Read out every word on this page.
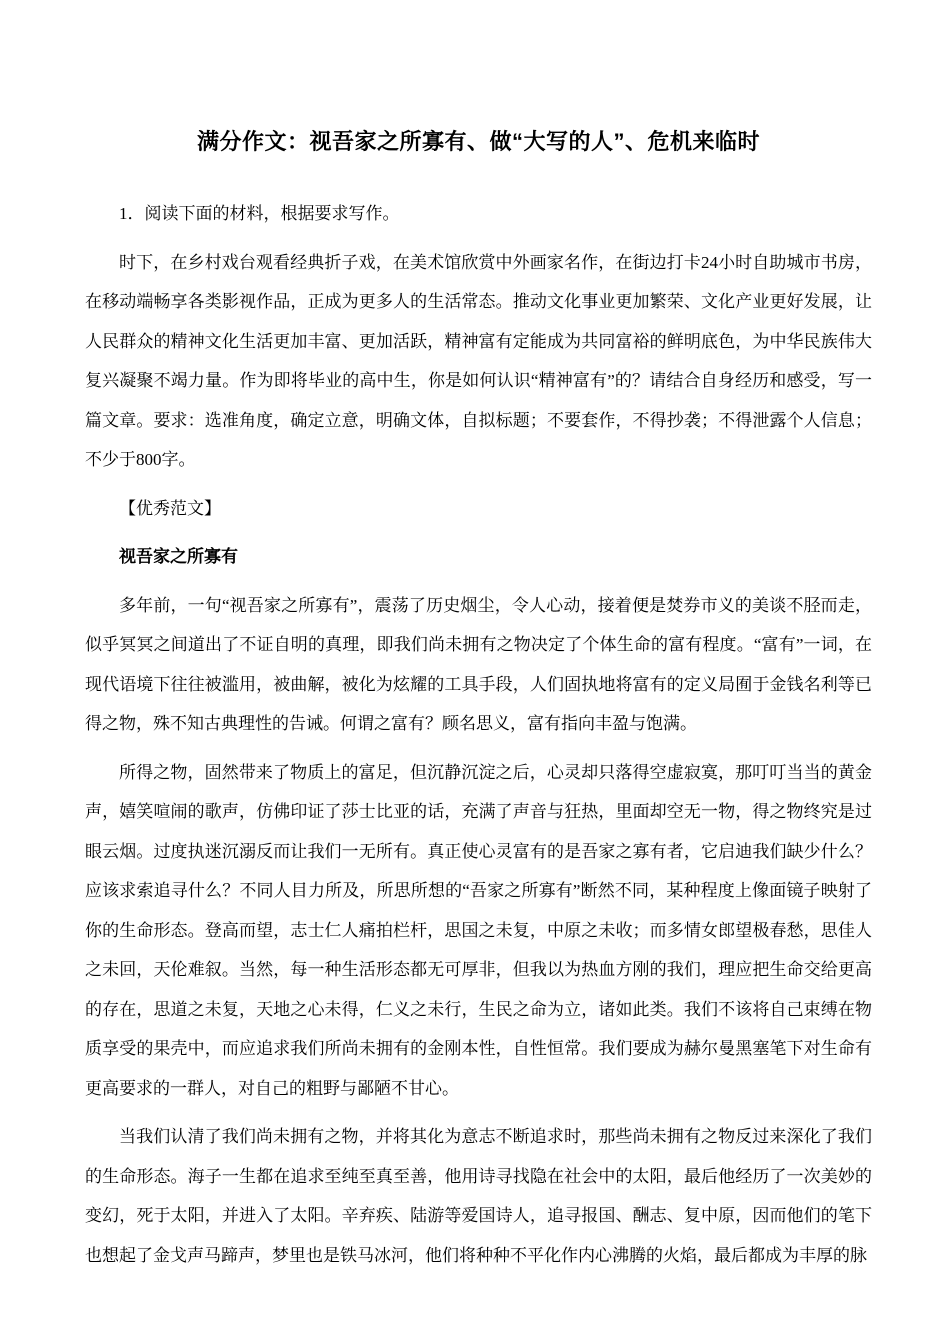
满分作文：视吾家之所寡有、做“大写的人”、危机来临时

1．阅读下面的材料，根据要求写作。

时下，在乡村戏台观看经典折子戏，在美术馆欣赏中外画家名作，在街边打卡24小时自助城市书房，在移动端畅享各类影视作品，正成为更多人的生活常态。推动文化事业更加繁荣、文化产业更好发展，让人民群众的精神文化生活更加丰富、更加活跃，精神富有定能成为共同富裕的鲜明底色，为中华民族伟大复兴凝聚不竭力量。作为即将毕业的高中生，你是如何认识“精神富有”的？请结合自身经历和感受，写一篇文章。要求：选准角度，确定立意，明确文体，自拟标题；不要套作，不得抄袭；不得泄露个人信息；不少于800字。

【优秀范文】

视吾家之所寡有

多年前，一句“视吾家之所寡有”，震荡了历史烟尘，令人心动，接着便是焚券市义的美谈不胫而走，似乎冥冥之间道出了不证自明的真理，即我们尚未拥有之物决定了个体生命的富有程度。“富有”一词，在现代语境下往往被滥用，被曲解，被化为炫耀的工具手段，人们固执地将富有的定义局囿于金钱名利等已得之物，殊不知古典理性的告诫。何谓之富有？顾名思义，富有指向丰盈与饱满。

所得之物，固然带来了物质上的富足，但沉静沉淀之后，心灵却只落得空虚寂寞，那叮叮当当的黄金声，嬉笑喧闹的歌声，仿佛印证了莎士比亚的话，充满了声音与狂热，里面却空无一物，得之物终究是过眼云烟。过度执迷沉溺反而让我们一无所有。真正使心灵富有的是吾家之寡有者，它启迪我们缺少什么？应该求索追寻什么？不同人目力所及，所思所想的“吾家之所寡有”断然不同，某种程度上像面镜子映射了你的生命形态。登高而望，志士仁人痛拍栏杆，思国之未复，中原之未收；而多情女郎望极春愁，思佳人之未回，天伦难叙。当然，每一种生活形态都无可厚非，但我以为热血方刚的我们，理应把生命交给更高的存在，思道之未复，天地之心未得，仁义之未行，生民之命为立，诸如此类。我们不该将自己束缚在物质享受的果壳中，而应追求我们所尚未拥有的金刚本性，自性恒常。我们要成为赫尔曼黑塞笔下对生命有更高要求的一群人，对自己的粗野与鄙陋不甘心。

当我们认清了我们尚未拥有之物，并将其化为意志不断追求时，那些尚未拥有之物反过来深化了我们的生命形态。海子一生都在追求至纯至真至善，他用诗寻找隐在社会中的太阳，最后他经历了一次美妙的变幻，死于太阳，并进入了太阳。辛弃疾、陆游等爱国诗人，追寻报国、酬志、复中原，因而他们的笔下也想起了金戈声马蹄声，梦里也是铁马冰河，他们将种种不平化作内心沸腾的火焰，最后都成为丰厚的脉
